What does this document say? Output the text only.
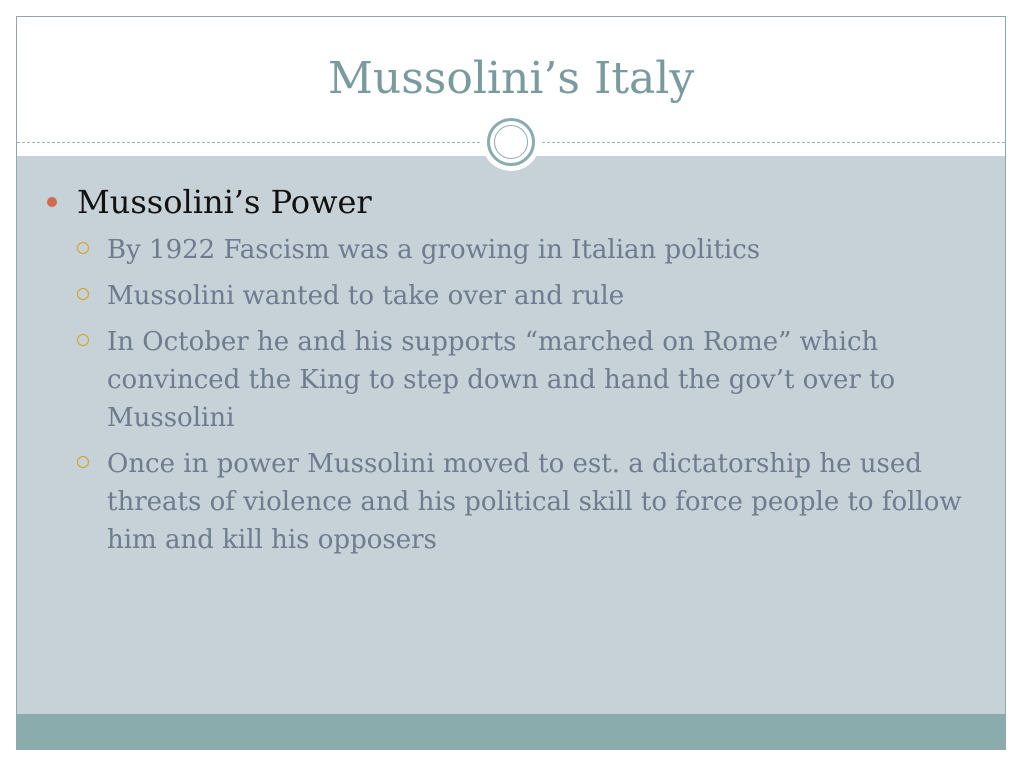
Mussolini’s Italy
Mussolini’s Power
By 1922 Fascism was a growing in Italian politics
Mussolini wanted to take over and rule
In October he and his supports “marched on Rome” which convinced the King to step down and hand the gov’t over to Mussolini
Once in power Mussolini moved to est. a dictatorship he used threats of violence and his political skill to force people to follow him and kill his opposers
